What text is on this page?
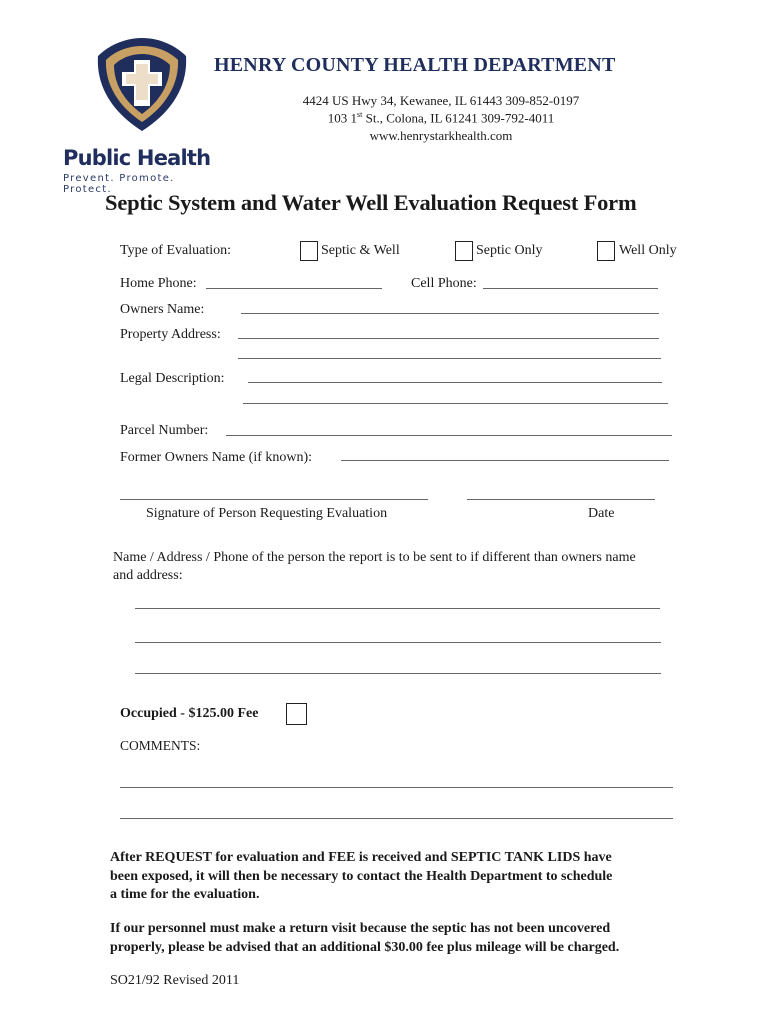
Public Health
Prevent. Promote. Protect.
HENRY COUNTY HEALTH DEPARTMENT
4424 US Hwy 34, Kewanee, IL 61443 309-852-0197
103 1st St., Colona, IL 61241 309-792-4011
www.henrystarkhealth.com
Septic System and Water Well Evaluation Request Form
Type of Evaluation:	Septic & Well	Septic Only	Well Only
Home Phone:	Cell Phone:
Owners Name:
Property Address:
Legal Description:
Parcel Number:
Former Owners Name (if known):
Signature of Person Requesting Evaluation	Date
Name / Address / Phone of the person the report is to be sent to if different than owners name
and address:
Occupied - $125.00 Fee
COMMENTS:
After REQUEST for evaluation and FEE is received and SEPTIC TANK LIDS have
been exposed, it will then be necessary to contact the Health Department to schedule
a time for the evaluation.
If our personnel must make a return visit because the septic has not been uncovered
properly, please be advised that an additional $30.00 fee plus mileage will be charged.
SO21/92 Revised 2011
